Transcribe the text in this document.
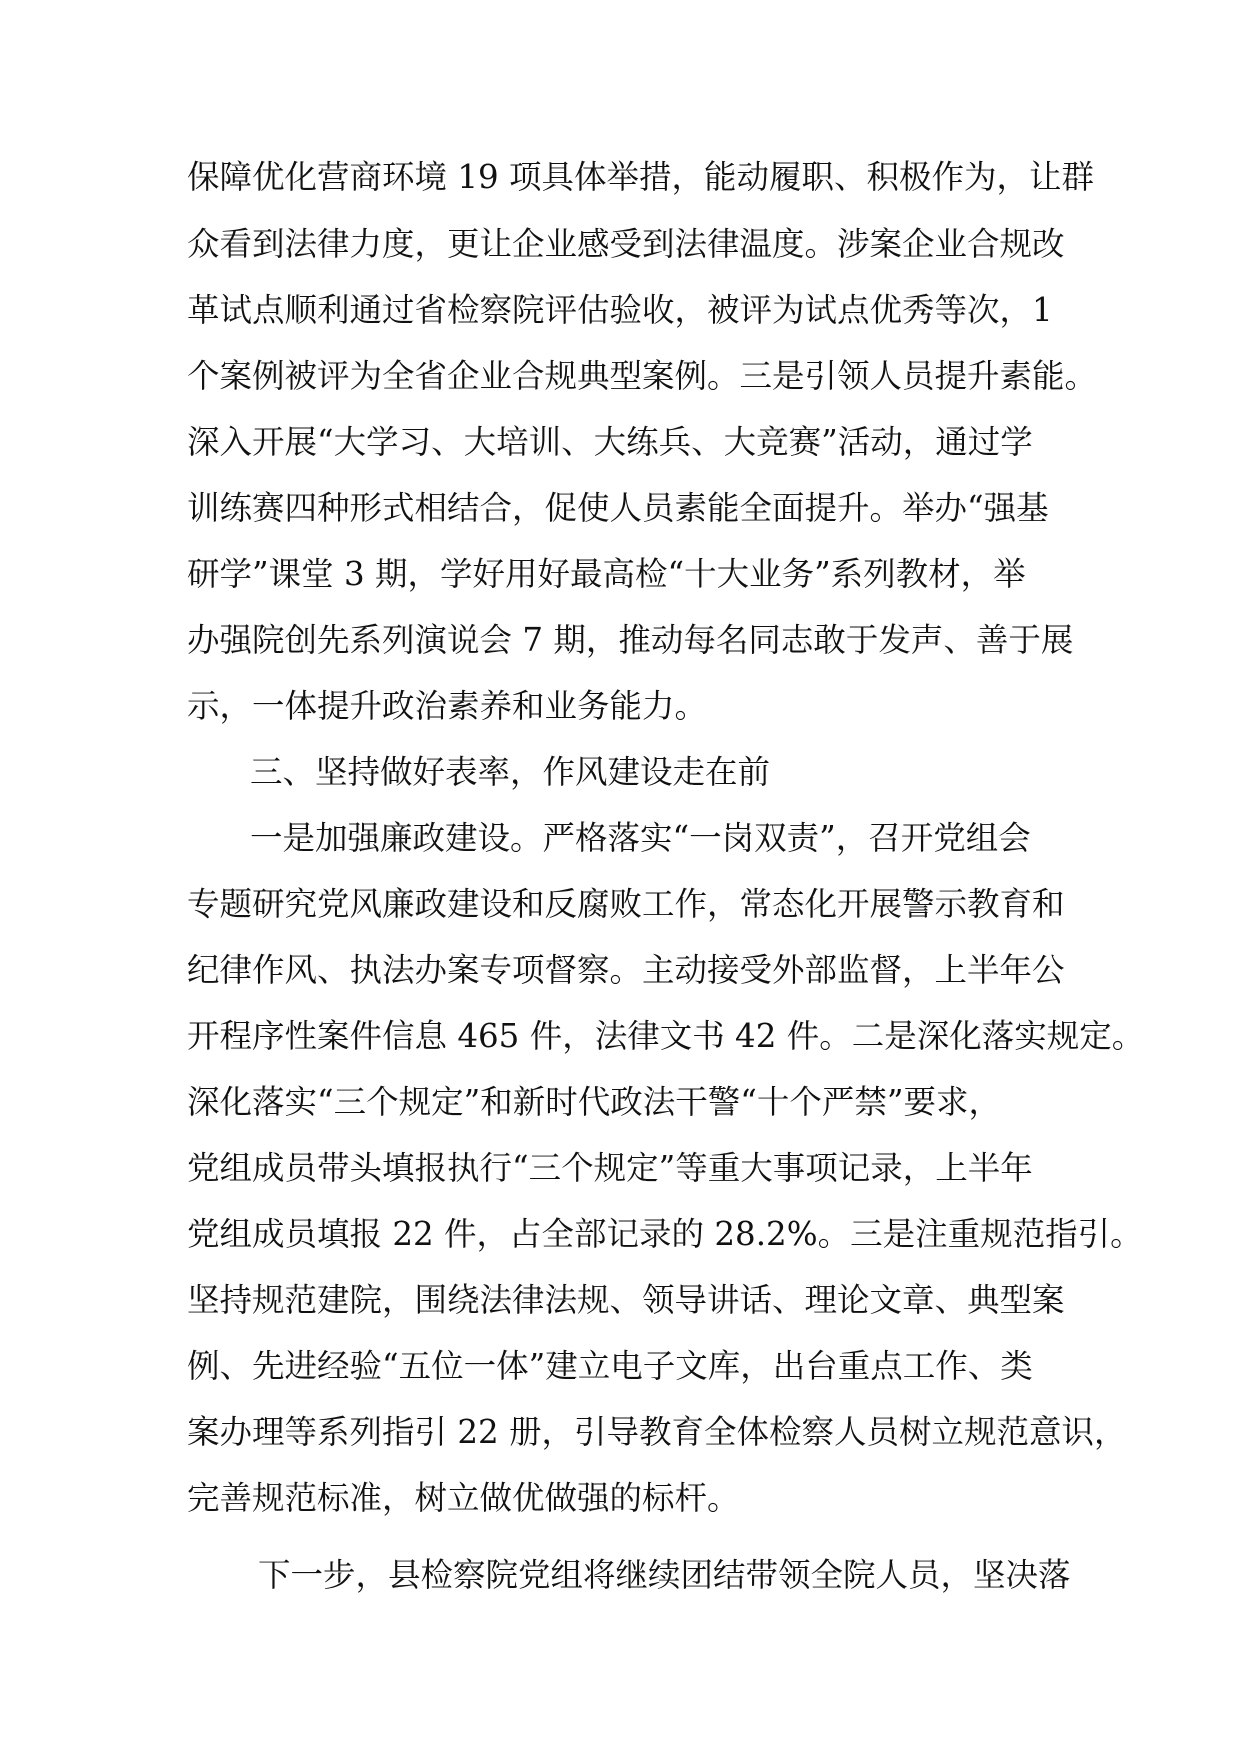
保障优化营商环境 19 项具体举措，能动履职、积极作为，让群
众看到法律力度，更让企业感受到法律温度。涉案企业合规改
革试点顺利通过省检察院评估验收，被评为试点优秀等次，1
个案例被评为全省企业合规典型案例。三是引领人员提升素能。
深入开展“大学习、大培训、大练兵、大竞赛”活动，通过学
训练赛四种形式相结合，促使人员素能全面提升。举办“强基
研学”课堂 3 期，学好用好最高检“十大业务”系列教材，举
办强院创先系列演说会 7 期，推动每名同志敢于发声、善于展
示，一体提升政治素养和业务能力。
三、坚持做好表率，作风建设走在前
一是加强廉政建设。严格落实“一岗双责”，召开党组会
专题研究党风廉政建设和反腐败工作，常态化开展警示教育和
纪律作风、执法办案专项督察。主动接受外部监督，上半年公
开程序性案件信息 465 件，法律文书 42 件。二是深化落实规定。
深化落实“三个规定”和新时代政法干警“十个严禁”要求，
党组成员带头填报执行“三个规定”等重大事项记录，上半年
党组成员填报 22 件，占全部记录的 28.2%。三是注重规范指引。
坚持规范建院，围绕法律法规、领导讲话、理论文章、典型案
例、先进经验“五位一体”建立电子文库，出台重点工作、类
案办理等系列指引 22 册，引导教育全体检察人员树立规范意识，
完善规范标准，树立做优做强的标杆。
下一步，县检察院党组将继续团结带领全院人员，坚决落
